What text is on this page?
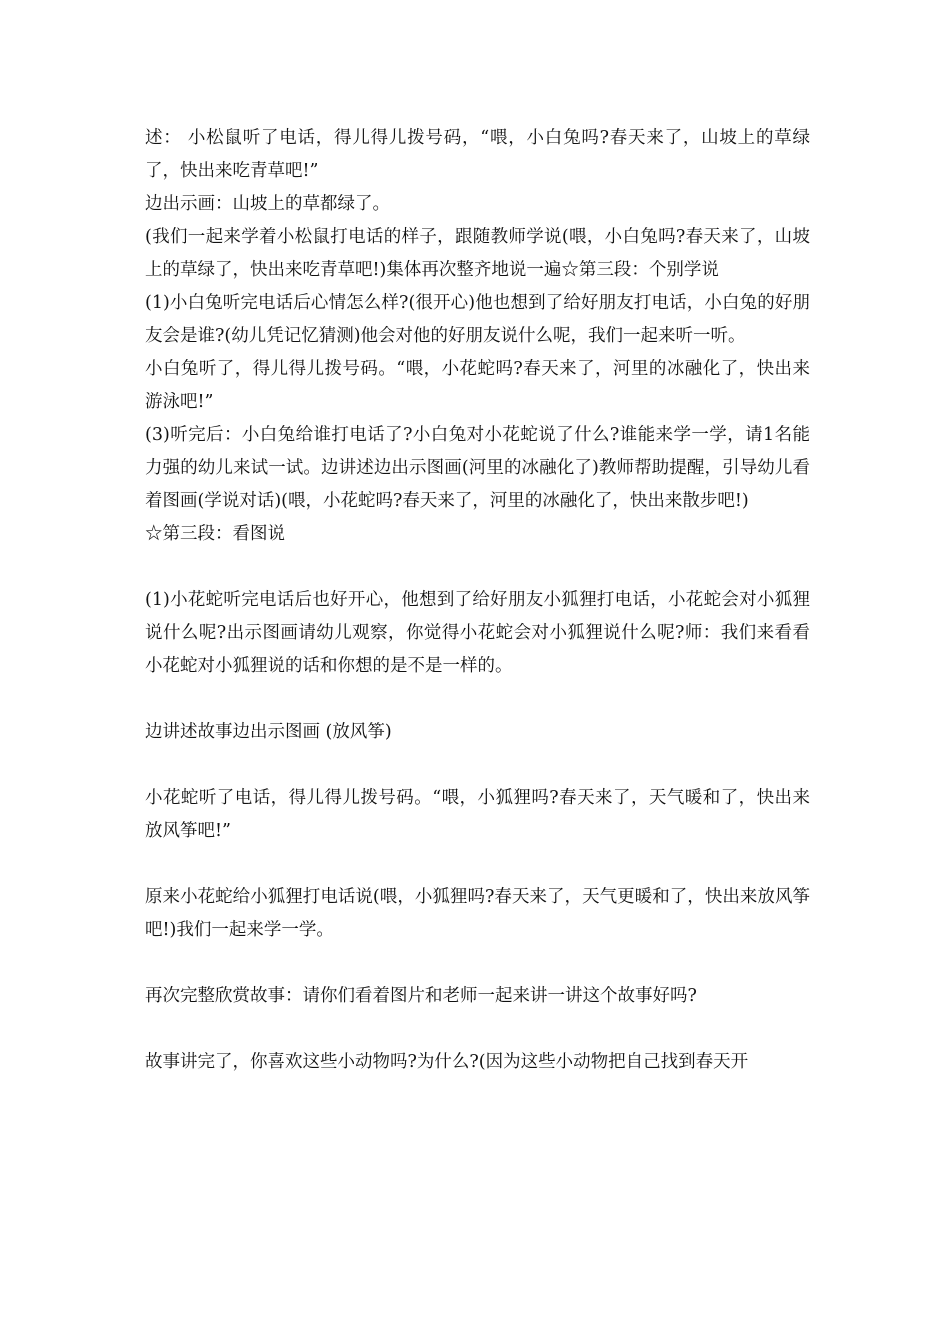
述： 小松鼠听了电话，得儿得儿拨号码，“喂，小白兔吗?春天来了，山坡上的草绿了，快出来吃青草吧!”

边出示画：山坡上的草都绿了。

(我们一起来学着小松鼠打电话的样子，跟随教师学说(喂，小白兔吗?春天来了，山坡上的草绿了，快出来吃青草吧!)集体再次整齐地说一遍☆第三段：个别学说

(1)小白兔听完电话后心情怎么样?(很开心)他也想到了给好朋友打电话，小白兔的好朋友会是谁?(幼儿凭记忆猜测)他会对他的好朋友说什么呢，我们一起来听一听。

小白兔听了，得儿得儿拨号码。“喂，小花蛇吗?春天来了，河里的冰融化了，快出来游泳吧!”

(3)听完后：小白兔给谁打电话了?小白兔对小花蛇说了什么?谁能来学一学，请1名能力强的幼儿来试一试。边讲述边出示图画(河里的冰融化了)教师帮助提醒，引导幼儿看着图画(学说对话)(喂，小花蛇吗?春天来了，河里的冰融化了，快出来散步吧!)

☆第三段：看图说

(1)小花蛇听完电话后也好开心，他想到了给好朋友小狐狸打电话，小花蛇会对小狐狸说什么呢?出示图画请幼儿观察，你觉得小花蛇会对小狐狸说什么呢?师：我们来看看小花蛇对小狐狸说的话和你想的是不是一样的。

边讲述故事边出示图画 (放风筝)

小花蛇听了电话，得儿得儿拨号码。“喂，小狐狸吗?春天来了，天气暖和了，快出来放风筝吧!”

原来小花蛇给小狐狸打电话说(喂，小狐狸吗?春天来了，天气更暖和了，快出来放风筝吧!)我们一起来学一学。

再次完整欣赏故事：请你们看着图片和老师一起来讲一讲这个故事好吗?

故事讲完了，你喜欢这些小动物吗?为什么?(因为这些小动物把自己找到春天开
